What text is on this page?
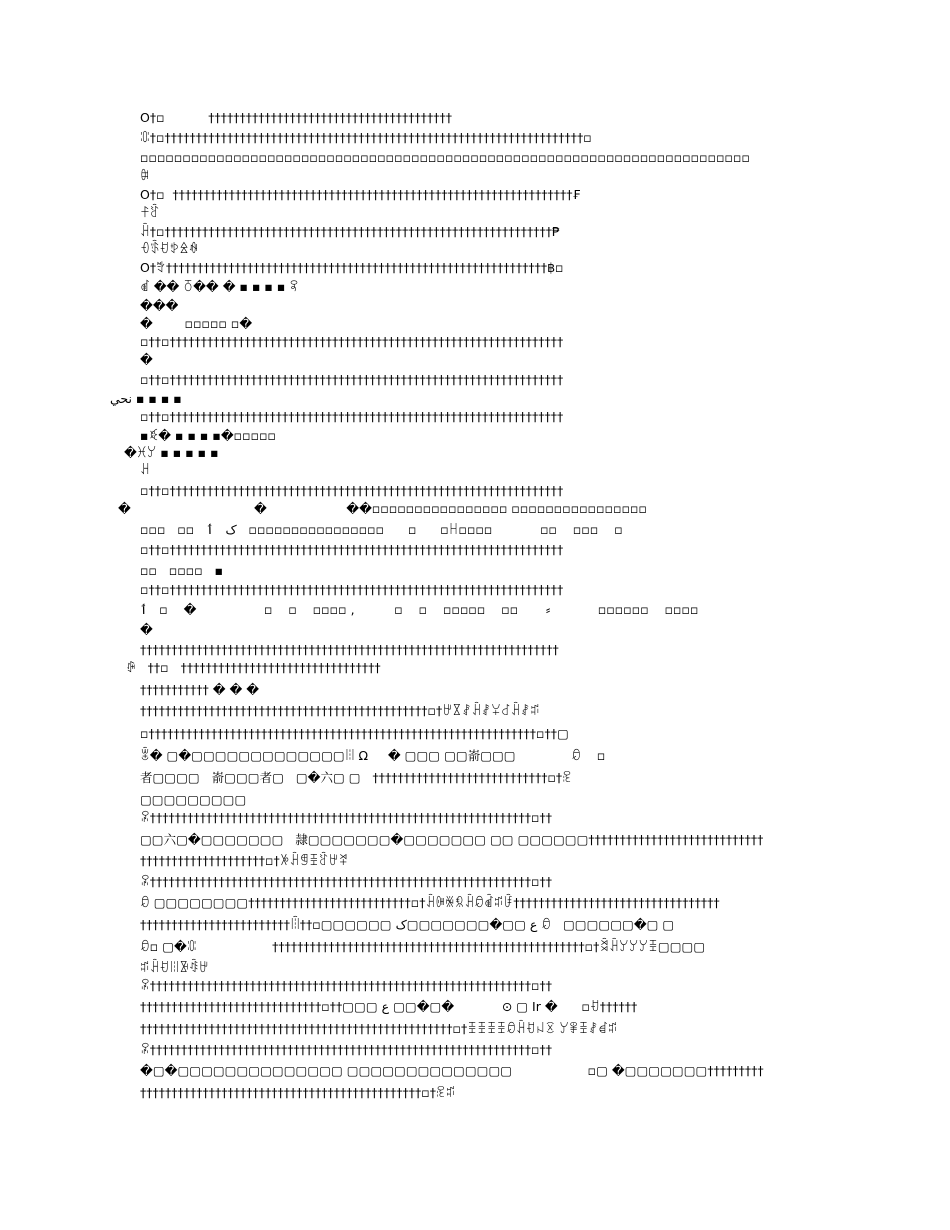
O†▫           †††††††††††††††††††††††††††††††††††††††
ꁤ†▫†††††††††††††††††††††††††††††††††††††††††††††††††††††††††††††††††††▫
▫▫▫▫▫▫▫▫▫▫▫▫▫▫▫▫▫▫▫▫▫▫▫▫▫▫▫▫▫▫▫▫▫▫▫▫▫▫▫▫▫▫▫▫▫▫▫▫▫▫▫▫▫▫▫▫▫▫▫▫▫▫▫▫▫▫▫▫▫▫▫▫
ꆊ
O†▫  ††††††††††††††††††††††††††††††††††††††††††††††††††††††††††††††††₣
ꊰꋑ
ꃄ†▫††††††††††††††††††††††††††††††††††††††††††††††††††††††††††††††₱
ꌡꈃꀀꉣꊛꊿ
O†ꁫ†††††††††††††††††††††††††††††††††††††††††††††††††††††††††††††฿▫
ꀷ �� ꅂ�� � ▪ ▪ ▪ ▪ ꎽ
���
�        ▫▫▫▫▫ ▫�
▫††▫†††††††††††††††††††††††††††††††††††††††††††††††††††††††††††††††
�
▫††▫†††††††††††††††††††††††††††††††††††††††††††††††††††††††††††††††
نحي ▪ ▪ ▪ ▪
▫††▫†††††††††††††††††††††††††††††††††††††††††††††††††††††††††††††††
▪ꀥ� ▪ ▪ ▪ ▪�▫▫▫▫▫
�ꁝꌦ ▪ ▪ ▪ ▪ ▪
ꃅ
▫††▫†††††††††††††††††††††††††††††††††††††††††††††††††††††††††††††††
�                               �                    ��▫▫▫▫▫▫▫▫▫▫▫▫▫▫▫▫ ▫▫▫▫▫▫▫▫▫▫▫▫▫▫▫▫
▫▫▫   ▫▫   ک   ٲ   ▫▫▫▫▫▫▫▫▫▫▫▫▫▫▫▫      ▫      ▫ꀿ▫▫▫▫            ▫▫    ▫▫▫    ▫
▫††▫†††††††††††††††††††††††††††††††††††††††††††††††††††††††††††††††
▫▫   ▫▫▫▫   ▪
▫††▫†††††††††††††††††††††††††††††††††††††††††††††††††††††††††††††††
ٲ   ▫    �                 ▫    ▫    ▫▫▫▫ ,          ▫    ▫    ▫▫▫▫▫    ▫▫       ⸗            ▫▫▫▫▫▫    ▫▫▫▫
�
†††††††††††††††††††††††††††††††††††††††††††††††††††††††††††††††††††
ꄵ   ††▫   ††††††††††††††††††††††††††††††††
††††††††††† � � �
††††††††††††††††††††††††††††††††††††††††††††††▫†ꉠꊱꊻꃄꊻꌤꁐꃄꊻꌪ
▫††††††††††††††††††††††††††††††††††††††††††††††††††††††††††††††▫††▢
ꂂ� ▢�▢▢▢▢▢▢▢▢▢▢▢▢▢ꈨ Ω     � ▢▢▢ ▢▢嵛▢▢▢              ꈲ    ▫
者▢▢▢▢   嵛▢▢▢者▢   ▢�六▢ ▢   ††††††††††††††††††††††††††††▫†ꆮ
▢▢▢▢▢▢▢▢▢
ꄳ†††††††††††††††††††††††††††††††††††††††††††††††††††††††††††††▫††
▢▢六▢�▢▢▢▢▢▢▢   隷▢▢▢▢▢▢▢�▢▢▢▢▢▢▢ ▢▢ ▢▢▢▢▢▢††††††††††††††††††††††††††††
††††††††††††††††††††▫†ꉼꃄꁅꀨꋑꉠꈭ
ꄳ†††††††††††††††††††††††††††††††††††††††††††††††††††††††††††††▫††
ꈲ ▢▢▢▢▢▢▢▢††††††††††††††††††††††††††▫†ꃄꁏꍐꉿꃄꈲꀶꌪꀰ†††††††††††††††††††††††††††††††††
††††††††††††††††††††††††ꈧ††▫▢▢▢▢▢▢ ع ▢▢�▢▢▢▢▢▢▢ک ꈲ   ▢▢▢▢▢▢�▢ ▢
ꈲ▫ ▢�ꁤ                   ††††††††††††††††††††††††††††††††††††††††††††††††††▫†ꈫꃄꌦꌦꌦꀨ▢▢▢▢
ꌪꃄꀀꈨꅋꂺꉠ
ꄳ†††††††††††††††††††††††††††††††††††††††††††††††††††††††††††††▫††
†††††††††††††††††††††††††††††▫††▢▢▢ ع ▢▢�▢�            ⊙ ▢ Ir �      ▫ꀀ††††††
††††††††††††††††††††††††††††††††††††††††††††††††††▫†ꀨꀨꀨꀨꈲꃄꀀꈤꉤ ꌦꈡꀨꊻꀸꌪ
ꄳ†††††††††††††††††††††††††††††††††††††††††††††††††††††††††††††▫††
�▢�▢▢▢▢▢▢▢▢▢▢▢▢▢▢ ▢▢▢▢▢▢▢▢▢▢▢▢▢▢                   ▫▢ �▢▢▢▢▢▢▢†††††††††
†††††††††††††††††††††††††††††††††††††††††††††▫†ꆮꌪ
